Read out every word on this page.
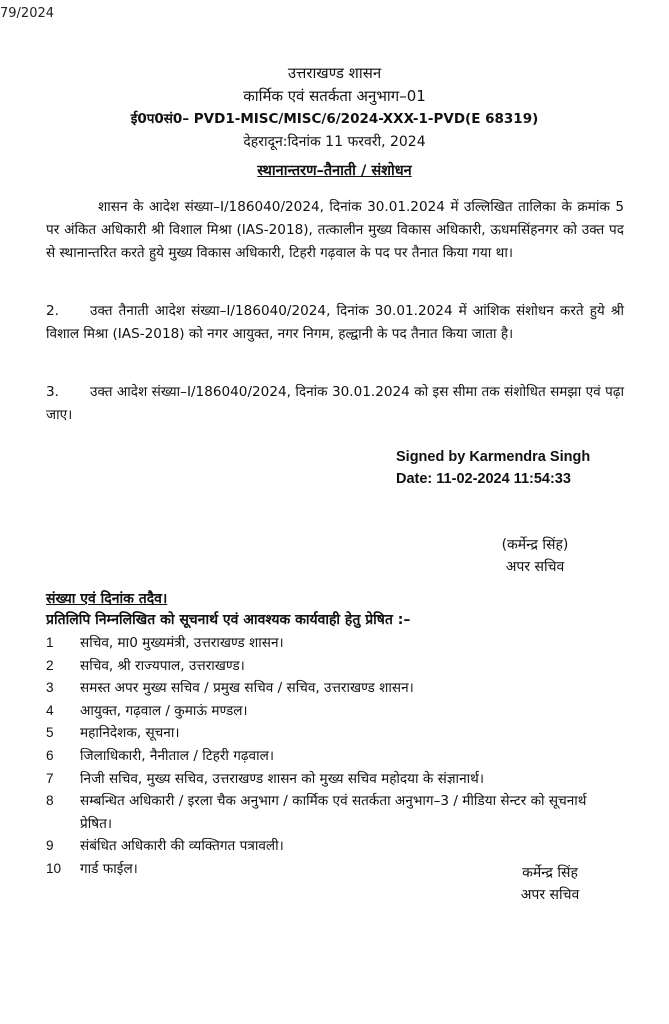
79/2024
उत्तराखण्ड शासन
कार्मिक एवं सतर्कता अनुभाग–01
ई0प0सं0– PVD1-MISC/MISC/6/2024-XXX-1-PVD(E 68319)
देहरादून:दिनांक 11 फरवरी, 2024
स्थानान्तरण–तैनाती / संशोधन
शासन के आदेश संख्या–I/186040/2024, दिनांक 30.01.2024 में उल्लिखित तालिका के क्रमांक 5 पर अंकित अधिकारी श्री विशाल मिश्रा (IAS-2018), तत्कालीन मुख्य विकास अधिकारी, ऊधमसिंहनगर को उक्त पद से स्थानान्तरित करते हुये मुख्य विकास अधिकारी, टिहरी गढ़वाल के पद पर तैनात किया गया था।
2. उक्त तैनाती आदेश संख्या–I/186040/2024, दिनांक 30.01.2024 में आंशिक संशोधन करते हुये श्री विशाल मिश्रा (IAS-2018) को नगर आयुक्त, नगर निगम, हल्द्वानी के पद तैनात किया जाता है।
3. उक्त आदेश संख्या–I/186040/2024, दिनांक 30.01.2024 को इस सीमा तक संशोधित समझा एवं पढ़ा जाए।
Signed by Karmendra Singh
Date: 11-02-2024 11:54:33
(कर्मेन्द्र सिंह)
अपर सचिव
संख्या एवं दिनांक तदैव।
प्रतिलिपि निम्नलिखित को सूचनार्थ एवं आवश्यक कार्यवाही हेतु प्रेषित :–
1	सचिव, मा0 मुख्यमंत्री, उत्तराखण्ड शासन।
2	सचिव, श्री राज्यपाल, उत्तराखण्ड।
3	समस्त अपर मुख्य सचिव / प्रमुख सचिव / सचिव, उत्तराखण्ड शासन।
4	आयुक्त, गढ़वाल / कुमाऊं मण्डल।
5	महानिदेशक, सूचना।
6	जिलाधिकारी, नैनीताल / टिहरी गढ़वाल।
7	निजी सचिव, मुख्य सचिव, उत्तराखण्ड शासन को मुख्य सचिव महोदया के संज्ञानार्थ।
8	सम्बन्धित अधिकारी / इरला चैक अनुभाग / कार्मिक एवं सतर्कता अनुभाग–3 / मीडिया सेन्टर को सूचनार्थ प्रेषित।
9	संबंधित अधिकारी की व्यक्तिगत पत्रावली।
10	गार्ड फाईल।	कर्मेन्द्र सिंह
अपर सचिव
